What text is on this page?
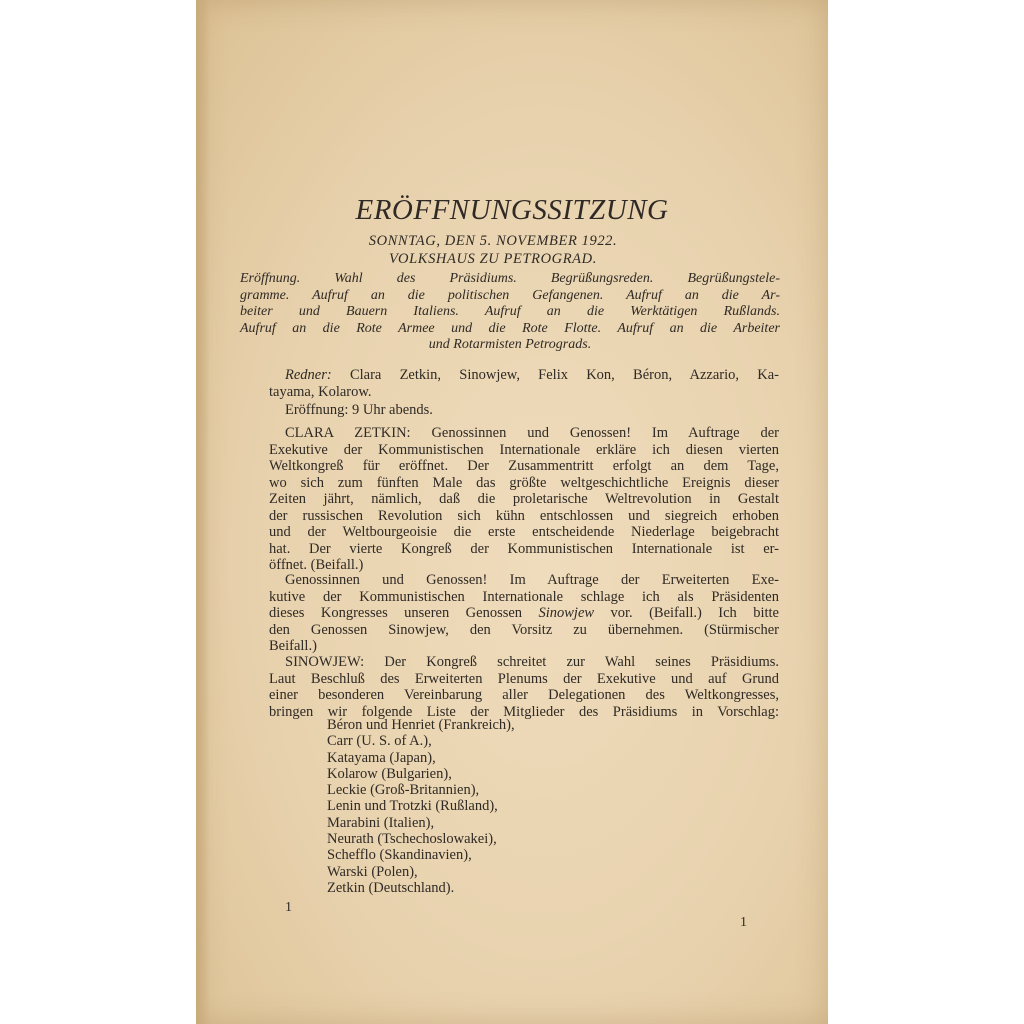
ERÖFFNUNGSSITZUNG
SONNTAG, DEN 5. NOVEMBER 1922.
VOLKSHAUS ZU PETROGRAD.
Eröffnung. Wahl des Präsidiums. Begrüßungsreden. Begrüßungstele-
gramme. Aufruf an die politischen Gefangenen. Aufruf an die Ar-
beiter und Bauern Italiens. Aufruf an die Werktätigen Rußlands.
Aufruf an die Rote Armee und die Rote Flotte. Aufruf an die Arbeiter
und Rotarmisten Petrograds.
Redner: Clara Zetkin, Sinowjew, Felix Kon, Béron, Azzario, Ka-
tayama, Kolarow.
Eröffnung: 9 Uhr abends.
CLARA ZETKIN: Genossinnen und Genossen! Im Auftrage der
Exekutive der Kommunistischen Internationale erkläre ich diesen vierten
Weltkongreß für eröffnet. Der Zusammentritt erfolgt an dem Tage,
wo sich zum fünften Male das größte weltgeschichtliche Ereignis dieser
Zeiten jährt, nämlich, daß die proletarische Weltrevolution in Gestalt
der russischen Revolution sich kühn entschlossen und siegreich erhoben
und der Weltbourgeoisie die erste entscheidende Niederlage beigebracht
hat. Der vierte Kongreß der Kommunistischen Internationale ist er-
öffnet. (Beifall.)
Genossinnen und Genossen! Im Auftrage der Erweiterten Exe-
kutive der Kommunistischen Internationale schlage ich als Präsidenten
dieses Kongresses unseren Genossen Sinowjew vor. (Beifall.) Ich bitte
den Genossen Sinowjew, den Vorsitz zu übernehmen. (Stürmischer
Beifall.)
SINOWJEW: Der Kongreß schreitet zur Wahl seines Präsidiums.
Laut Beschluß des Erweiterten Plenums der Exekutive und auf Grund
einer besonderen Vereinbarung aller Delegationen des Weltkongresses,
bringen wir folgende Liste der Mitglieder des Präsidiums in Vorschlag:
Béron und Henriet (Frankreich),
Carr (U. S. of A.),
Katayama (Japan),
Kolarow (Bulgarien),
Leckie (Groß-Britannien),
Lenin und Trotzki (Rußland),
Marabini (Italien),
Neurath (Tschechoslowakei),
Schefflo (Skandinavien),
Warski (Polen),
Zetkin (Deutschland).
1
1
